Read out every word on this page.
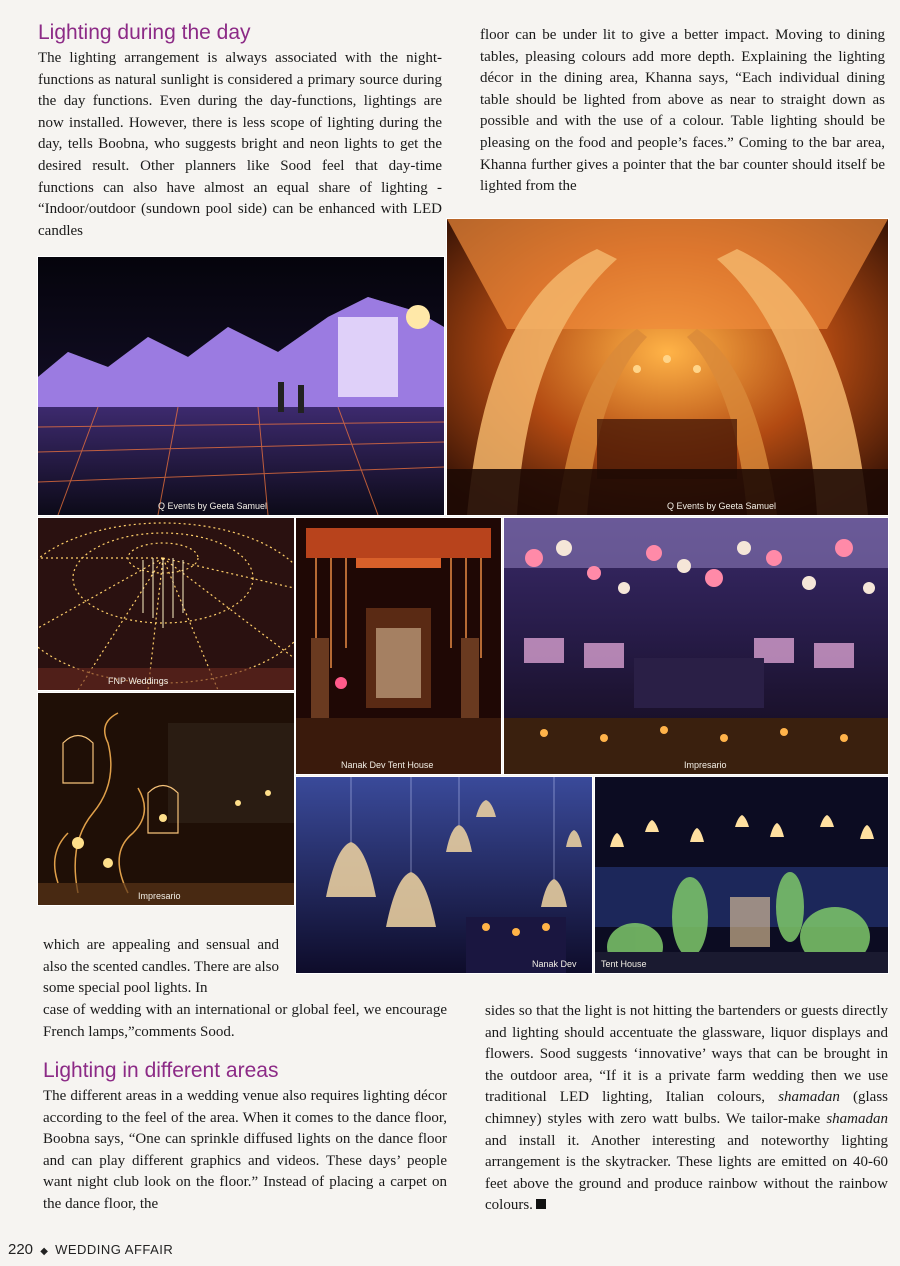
Lighting during the day
Lighting in different areas

The lighting arrangement is always associated with the night-functions as natural sunlight is considered a primary source during the day functions. Even during the day-functions, lightings are now installed. However, there is less scope of lighting during the day, tells Boobna, who suggests bright and neon lights to get the desired result. Other planners like Sood feel that day-time functions can also have almost an equal share of lighting - “Indoor/outdoor (sundown pool side) can be enhanced with LED candles

floor can be under lit to give a better impact. Moving to dining tables, pleasing colours add more depth. Explaining the lighting décor in the dining area, Khanna says, “Each individual dining table should be lighted from above as near to straight down as possible and with the use of a colour. Table lighting should be pleasing on the food and people’s faces.” Coming to the bar area, Khanna further gives a pointer that the bar counter should itself be lighted from the

which are appealing and sensual and also the scented candles. There are also some special pool lights. In

case of wedding with an international or global feel, we encourage French lamps,”comments Sood.

The different areas in a wedding venue also requires lighting décor according to the feel of the area. When it comes to the dance floor, Boobna says, “One can sprinkle diffused lights on the dance floor and can play different graphics and videos. These days’ people want night club look on the floor.” Instead of placing a carpet on the dance floor, the

sides so that the light is not hitting the bartenders or guests directly and lighting should accentuate the glassware, liquor displays and flowers. Sood suggests ‘innovative’ ways that can be brought in the outdoor area, “If it is a private farm wedding then we use traditional LED lighting, Italian colours, shamadan (glass chimney) styles with zero watt bulbs. We tailor-make shamadan and install it. Another interesting and noteworthy lighting arrangement is the skytracker. These lights are emitted on 40-60 feet above the ground and produce rainbow without the rainbow colours.

Q Events by Geeta Samuel	Q Events by Geeta Samuel
FNP Weddings
Nanak Dev Tent House	Impresario
Impresario
Nanak Dev	Tent House
220 ◆ WEDDING AFFAIR
